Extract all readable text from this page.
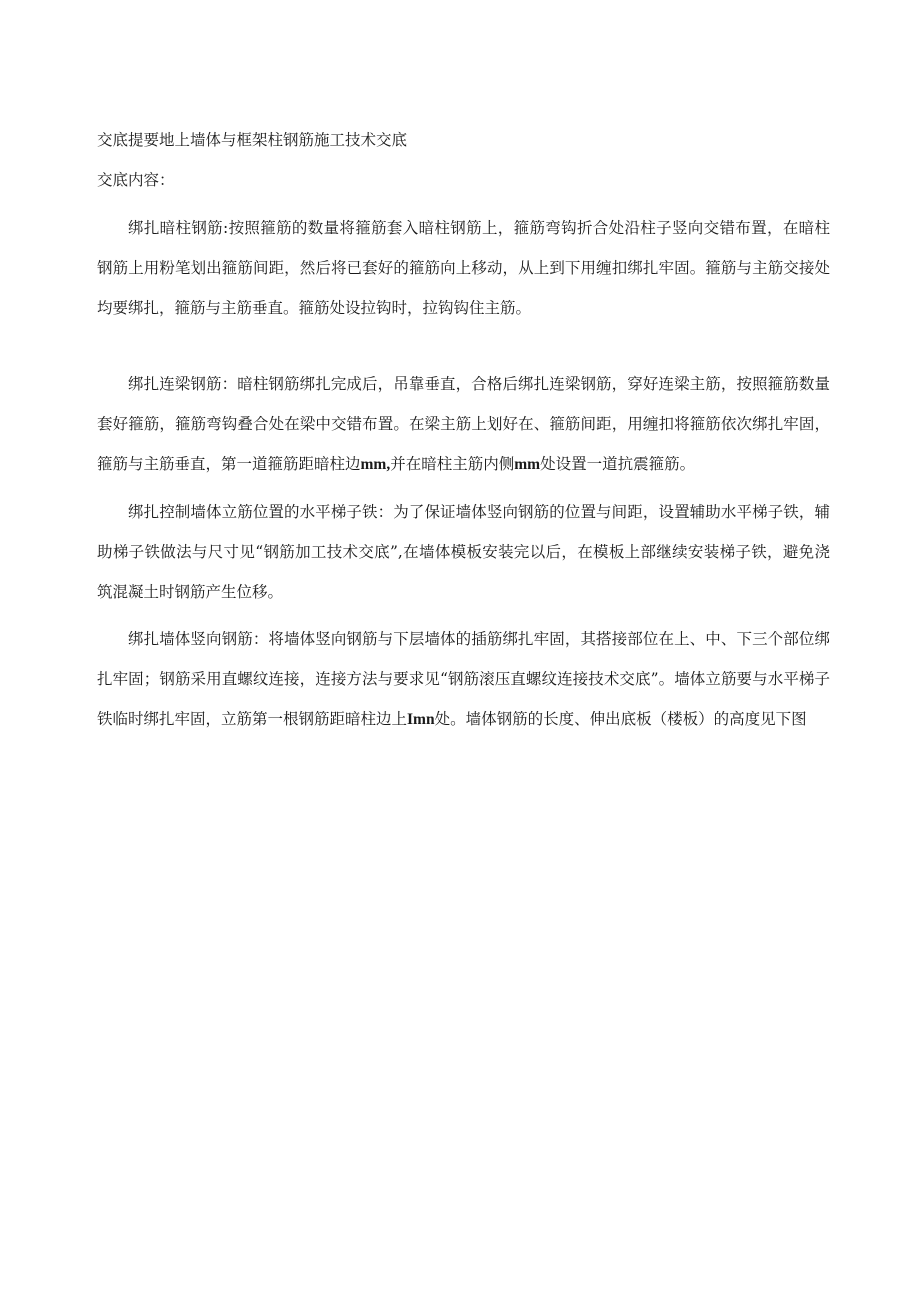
交底提要地上墙体与框架柱钢筋施工技术交底

交底内容：

绑扎暗柱钢筋:按照箍筋的数量将箍筋套入暗柱钢筋上，箍筋弯钩折合处沿柱子竖向交错布置，在暗柱钢筋上用粉笔划出箍筋间距，然后将已套好的箍筋向上移动，从上到下用缠扣绑扎牢固。箍筋与主筋交接处均要绑扎，箍筋与主筋垂直。箍筋处设拉钩时，拉钩钩住主筋。

绑扎连梁钢筋：暗柱钢筋绑扎完成后，吊靠垂直，合格后绑扎连梁钢筋，穿好连梁主筋，按照箍筋数量套好箍筋，箍筋弯钩叠合处在梁中交错布置。在梁主筋上划好在、箍筋间距，用缠扣将箍筋依次绑扎牢固，箍筋与主筋垂直，第一道箍筋距暗柱边mm,并在暗柱主筋内侧mm处设置一道抗震箍筋。

绑扎控制墙体立筋位置的水平梯子铁：为了保证墙体竖向钢筋的位置与间距，设置辅助水平梯子铁，辅助梯子铁做法与尺寸见“钢筋加工技术交底”,在墙体模板安装完以后，在模板上部继续安装梯子铁，避免浇筑混凝土时钢筋产生位移。

绑扎墙体竖向钢筋：将墙体竖向钢筋与下层墙体的插筋绑扎牢固，其搭接部位在上、中、下三个部位绑扎牢固；钢筋采用直螺纹连接，连接方法与要求见“钢筋滚压直螺纹连接技术交底”。墙体立筋要与水平梯子铁临时绑扎牢固，立筋第一根钢筋距暗柱边上Imn处。墙体钢筋的长度、伸出底板（楼板）的高度见下图
